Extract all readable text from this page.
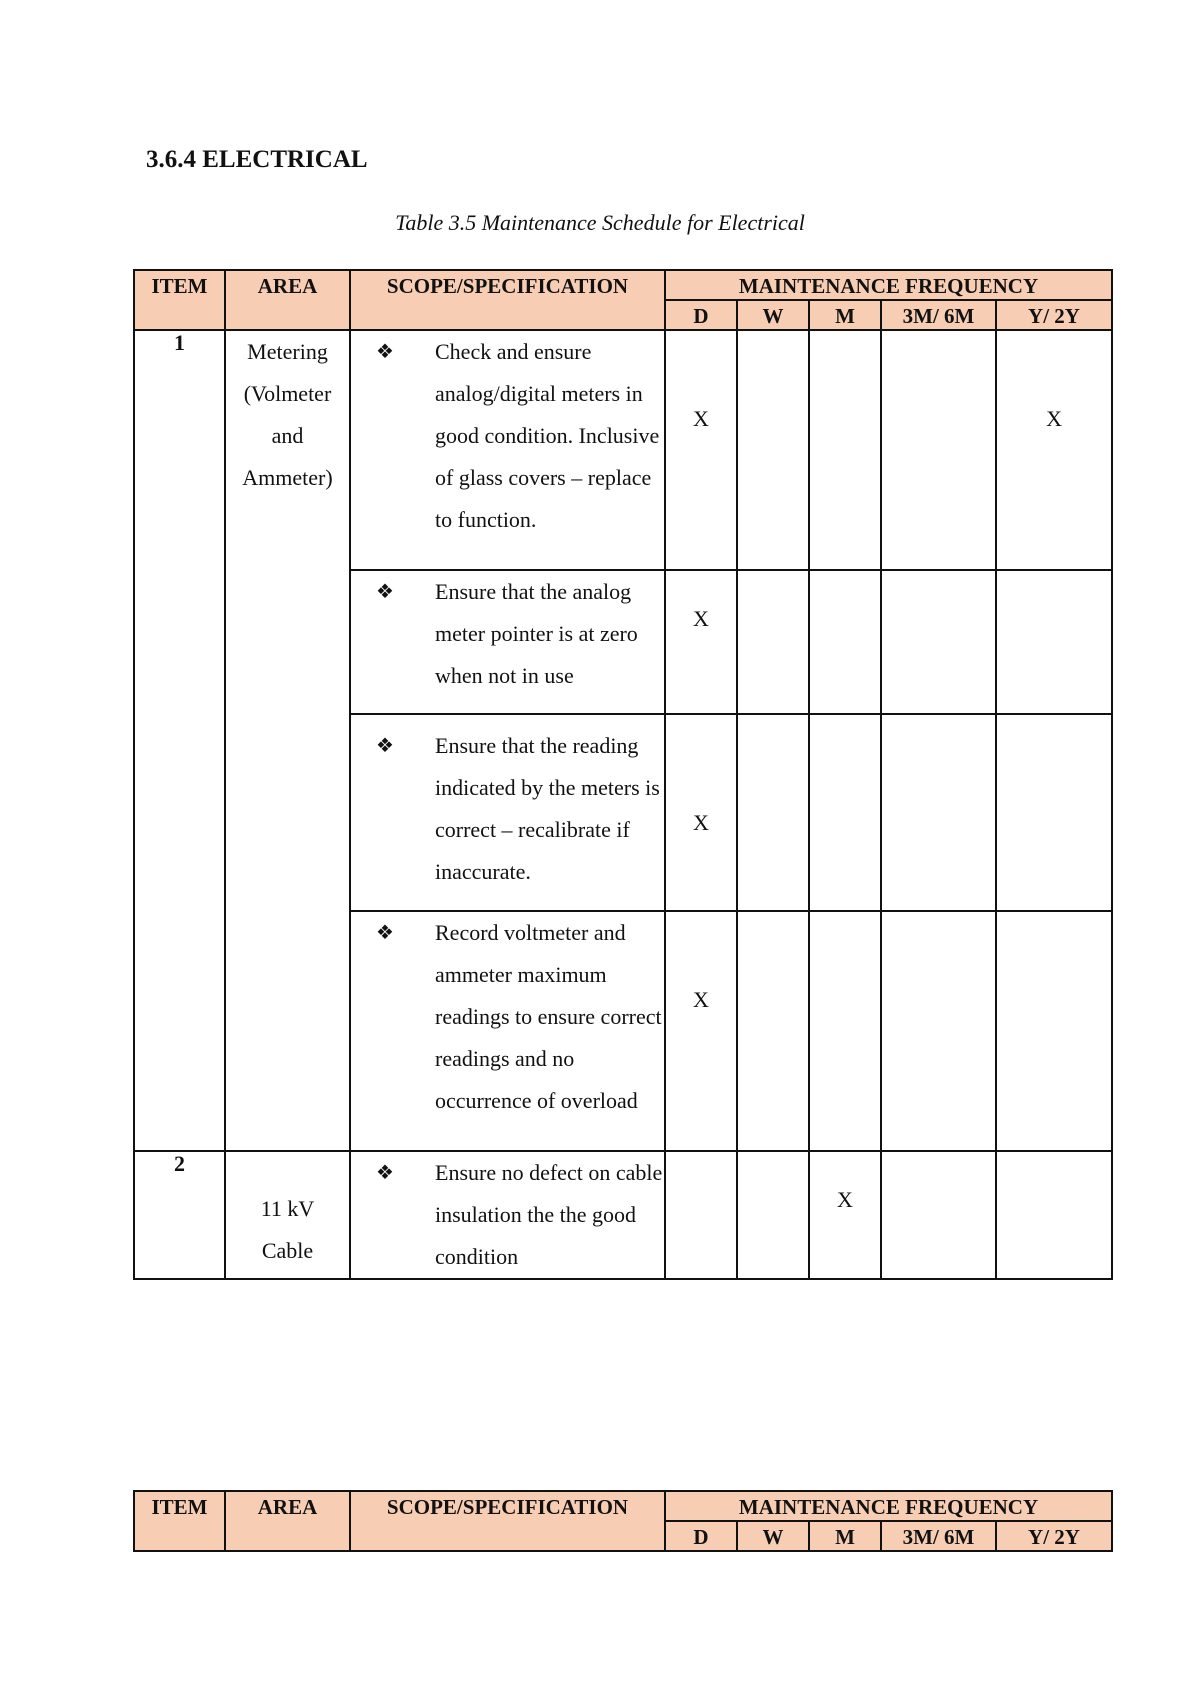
3.6.4 ELECTRICAL

Table 3.5 Maintenance Schedule for Electrical

ITEM	AREA	SCOPE/SPECIFICATION	MAINTENANCE FREQUENCY				
			D	W	M	3M/ 6M	Y/ 2Y
1	Metering (Volmeter and Ammeter)	❖ Check and ensure analog/digital meters in good condition. Inclusive of glass covers – replace to function.	X				X

		❖ Ensure that the analog meter pointer is at zero when not in use	X				

		❖ Ensure that the reading indicated by the meters is correct – recalibrate if inaccurate.	X				

		❖ Record voltmeter and ammeter maximum readings to ensure correct readings and no occurrence of overload	X				
2	11 kV Cable	❖ Ensure no defect on cable insulation the the good condition			X		
ITEM	AREA	SCOPE/SPECIFICATION	MAINTENANCE FREQUENCY				
			D	W	M	3M/ 6M	Y/ 2Y
